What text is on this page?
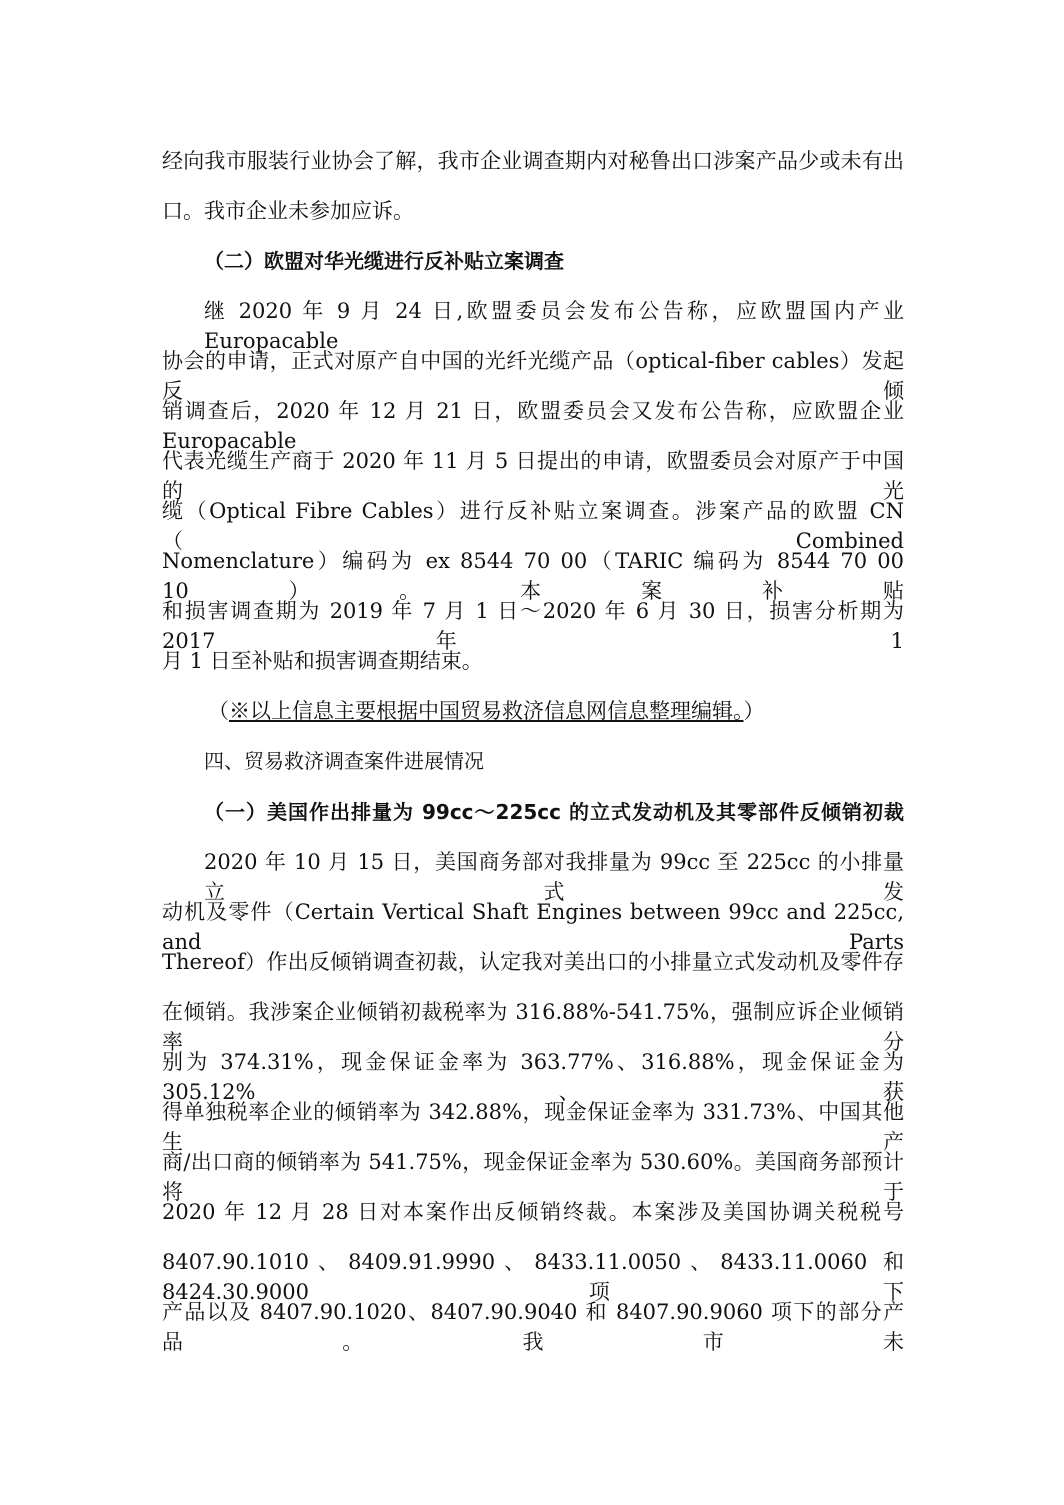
经向我市服装行业协会了解，我市企业调查期内对秘鲁出口涉案产品少或未有出
口。我市企业未参加应诉。
（二）欧盟对华光缆进行反补贴立案调查
继 2020 年 9 月 24 日,欧盟委员会发布公告称，应欧盟国内产业 Europacable
协会的申请，正式对原产自中国的光纤光缆产品（optical-fiber cables）发起反倾
销调查后，2020 年 12 月 21 日，欧盟委员会又发布公告称，应欧盟企业 Europacable
代表光缆生产商于 2020 年 11 月 5 日提出的申请，欧盟委员会对原产于中国的光
缆（Optical Fibre Cables）进行反补贴立案调查。涉案产品的欧盟 CN（Combined
Nomenclature）编码为 ex 8544 70 00（TARIC 编码为 8544 70 00 10）。本案补贴
和损害调查期为 2019 年 7 月 1 日～2020 年 6 月 30 日，损害分析期为 2017 年 1
月 1 日至补贴和损害调查期结束。
（※以上信息主要根据中国贸易救济信息网信息整理编辑。）
四、贸易救济调查案件进展情况
（一）美国作出排量为 99cc～225cc 的立式发动机及其零部件反倾销初裁
2020 年 10 月 15 日，美国商务部对我排量为 99cc 至 225cc 的小排量立式发
动机及零件（Certain Vertical Shaft Engines between 99cc and 225cc, and Parts
Thereof）作出反倾销调查初裁，认定我对美出口的小排量立式发动机及零件存
在倾销。我涉案企业倾销初裁税率为 316.88%-541.75%，强制应诉企业倾销率分
别为 374.31%，现金保证金率为 363.77%、316.88%，现金保证金为 305.12%、获
得单独税率企业的倾销率为 342.88%，现金保证金率为 331.73%、中国其他生产
商/出口商的倾销率为 541.75%，现金保证金率为 530.60%。美国商务部预计将于
2020 年 12 月 28 日对本案作出反倾销终裁。本案涉及美国协调关税税号
8407.90.1010、8409.91.9990、8433.11.0050、8433.11.0060 和 8424.30.9000 项下
产品以及 8407.90.1020、8407.90.9040 和 8407.90.9060 项下的部分产品。我市未
